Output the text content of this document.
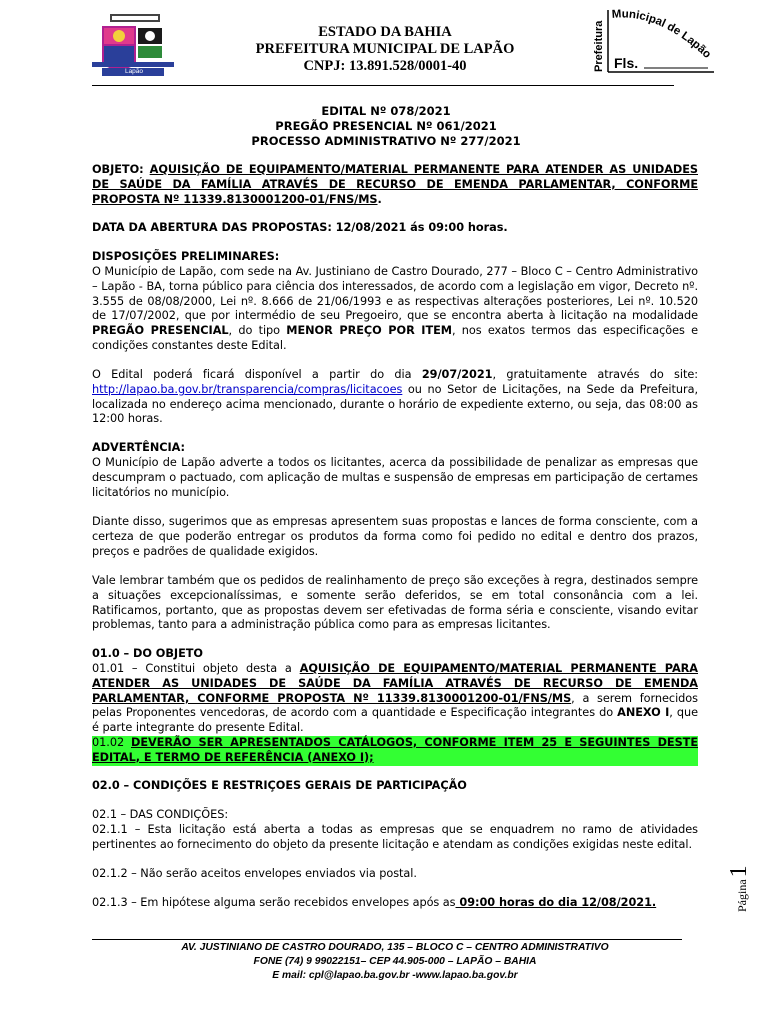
Lapão
ESTADO DA BAHIA
PREFEITURA MUNICIPAL DE LAPÃO
CNPJ: 13.891.528/0001-40
Municipal de Lapão
Prefeitura Fls.
EDITAL Nº 078/2021
PREGÃO PRESENCIAL Nº 061/2021
PROCESSO ADMINISTRATIVO Nº 277/2021
OBJETO: AQUISIÇÃO DE EQUIPAMENTO/MATERIAL PERMANENTE PARA ATENDER AS UNIDADES DE SAÚDE DA FAMÍLIA ATRAVÉS DE RECURSO DE EMENDA PARLAMENTAR, CONFORME PROPOSTA Nº 11339.8130001200-01/FNS/MS.
DATA DA ABERTURA DAS PROPOSTAS: 12/08/2021 ás 09:00 horas.
DISPOSIÇÕES PRELIMINARES:
O Município de Lapão, com sede na Av. Justiniano de Castro Dourado, 277 – Bloco C – Centro Administrativo – Lapão - BA, torna público para ciência dos interessados, de acordo com a legislação em vigor, Decreto nº. 3.555 de 08/08/2000, Lei nº. 8.666 de 21/06/1993 e as respectivas alterações posteriores, Lei nº. 10.520 de 17/07/2002, que por intermédio de seu Pregoeiro, que se encontra aberta à licitação na modalidade PREGÃO PRESENCIAL, do tipo MENOR PREÇO POR ITEM, nos exatos termos das especificações e condições constantes deste Edital.
O Edital poderá ficará disponível a partir do dia 29/07/2021, gratuitamente através do site: http://lapao.ba.gov.br/transparencia/compras/licitacoes ou no Setor de Licitações, na Sede da Prefeitura, localizada no endereço acima mencionado, durante o horário de expediente externo, ou seja, das 08:00 as 12:00 horas.
ADVERTÊNCIA:
O Município de Lapão adverte a todos os licitantes, acerca da possibilidade de penalizar as empresas que descumpram o pactuado, com aplicação de multas e suspensão de empresas em participação de certames licitatórios no município.
Diante disso, sugerimos que as empresas apresentem suas propostas e lances de forma consciente, com a certeza de que poderão entregar os produtos da forma como foi pedido no edital e dentro dos prazos, preços e padrões de qualidade exigidos.
Vale lembrar também que os pedidos de realinhamento de preço são exceções à regra, destinados sempre a situações excepcionalíssimas, e somente serão deferidos, se em total consonância com a lei. Ratificamos, portanto, que as propostas devem ser efetivadas de forma séria e consciente, visando evitar problemas, tanto para a administração pública como para as empresas licitantes.
01.0 – DO OBJETO
01.01 – Constitui objeto desta a AQUISIÇÃO DE EQUIPAMENTO/MATERIAL PERMANENTE PARA ATENDER AS UNIDADES DE SAÚDE DA FAMÍLIA ATRAVÉS DE RECURSO DE EMENDA PARLAMENTAR, CONFORME PROPOSTA Nº 11339.8130001200-01/FNS/MS, a serem fornecidos pelas Proponentes vencedoras, de acordo com a quantidade e Especificação integrantes do ANEXO I, que é parte integrante do presente Edital.
01.02 DEVERÃO SER APRESENTADOS CATÁLOGOS, CONFORME ITEM 25 E SEGUINTES DESTE EDITAL, E TERMO DE REFERÊNCIA (ANEXO I);
02.0 – CONDIÇÕES E RESTRIÇOES GERAIS DE PARTICIPAÇÃO
02.1 – DAS CONDIÇÕES:
02.1.1 – Esta licitação está aberta a todas as empresas que se enquadrem no ramo de atividades pertinentes ao fornecimento do objeto da presente licitação e atendam as condições exigidas neste edital.
02.1.2 – Não serão aceitos envelopes enviados via postal.
02.1.3 – Em hipótese alguma serão recebidos envelopes após as 09:00 horas do dia 12/08/2021.	Página1
AV. JUSTINIANO DE CASTRO DOURADO, 135 – BLOCO C – CENTRO ADMINISTRATIVO
FONE (74) 9 99022151– CEP 44.905-000 – LAPÃO – BAHIA
E mail: cpl@lapao.ba.gov.br -www.lapao.ba.gov.br
